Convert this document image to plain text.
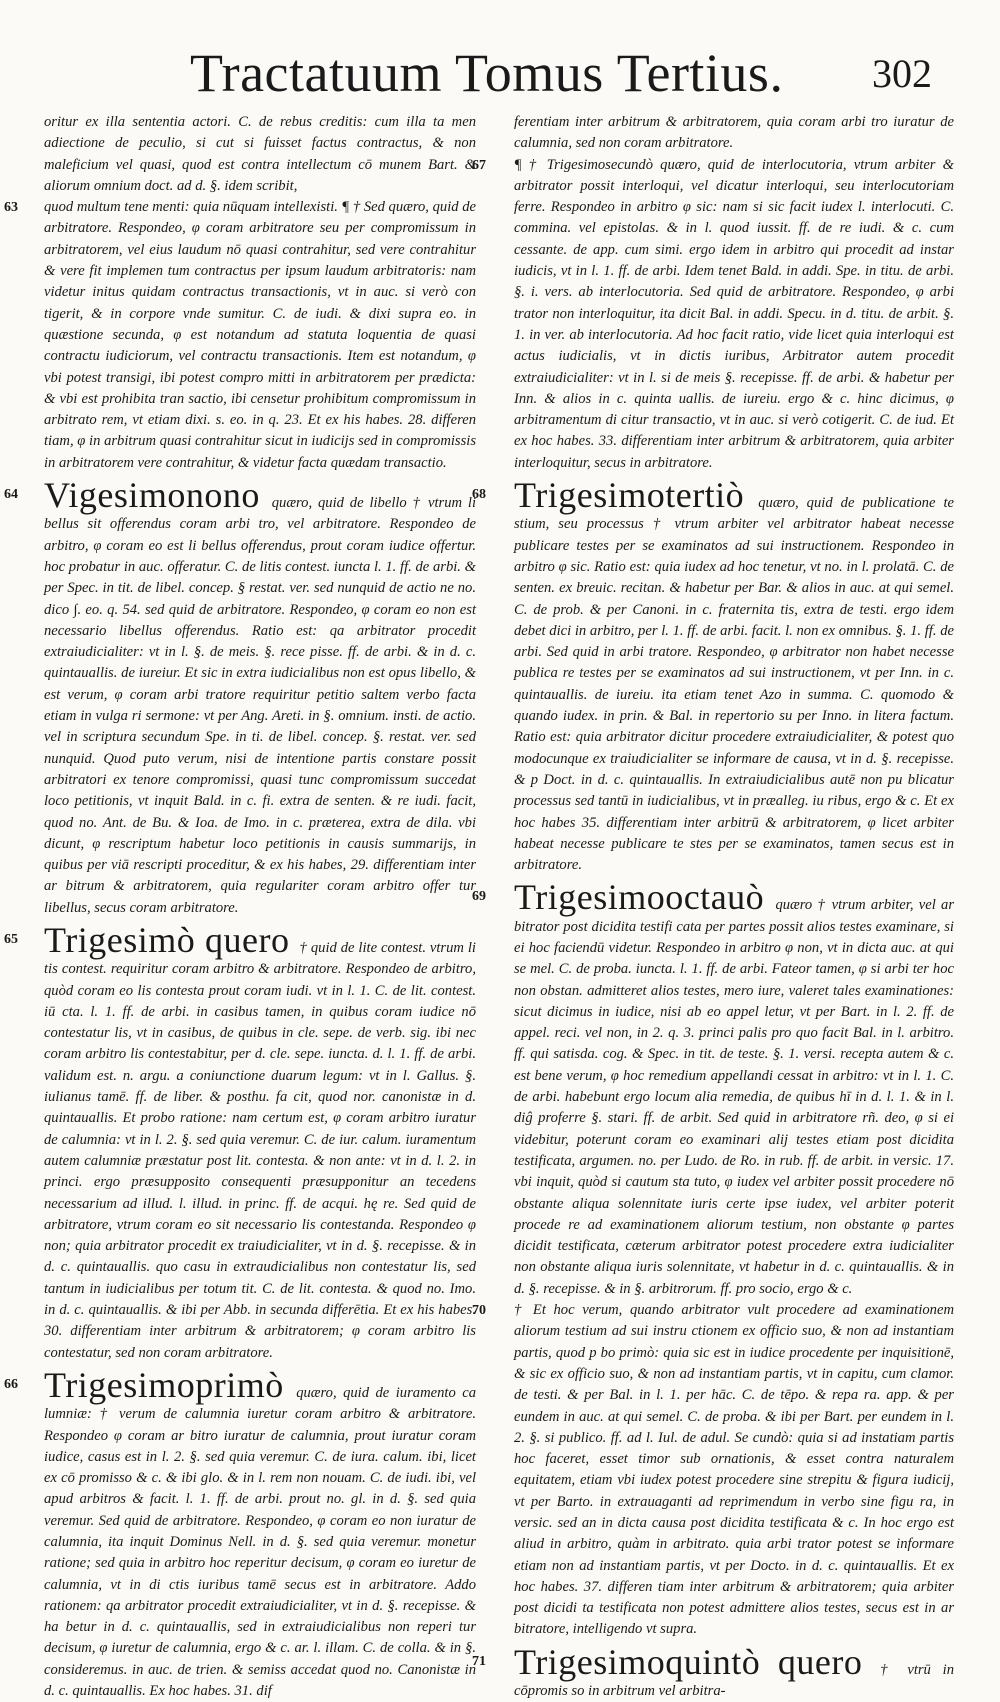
Tractatuum Tomus Tertius. 302

oritur ex illa sententia actori. C. de rebus creditis: cum illa ta men adiectione de peculio, si cut si fuisset factus contractus, & non maleficium vel quasi, quod est contra intellectum cō munem Bart. & aliorum omnium doct. ad d. §. idem scribit,

63 quod multum tene menti: quia nūquam intellexisti. ¶ † Sed quæro, quid de arbitratore. Respondeo, φ coram arbitratore seu per compromissum in arbitratorem, vel eius laudum nō quasi contrahitur, sed vere contrahitur & vere fit implemen tum contractus per ipsum laudum arbitratoris: nam videtur initus quidam contractus transactionis, vt in auc. si verò con tigerit, & in corpore vnde sumitur. C. de iudi. & dixi supra eo. in quæstione secunda, φ est notandum ad statuta loquentia de quasi contractu iudiciorum, vel contractu transactionis. Item est notandum, φ vbi potest transigi, ibi potest compro mitti in arbitratorem per prædicta: & vbi est prohibita tran sactio, ibi censetur prohibitum compromissum in arbitrato rem, vt etiam dixi. s. eo. in q. 23. Et ex his habes. 28. differen tiam, φ in arbitrum quasi contrahitur sicut in iudicijs sed in compromissis in arbitratorem vere contrahitur, & videtur facta quædam transactio.

64 Vigesimonono quæro, quid de libello † vtrum li bellus sit offerendus coram arbi tro, vel arbitratore. Respondeo de arbitro, φ coram eo est li bellus offerendus, prout coram iudice offertur. hoc probatur in auc. offeratur. C. de litis contest. iuncta l. 1. ff. de arbi. & per Spec. in tit. de libel. concep. § restat. ver. sed nunquid de actio ne no. dico ∫. eo. q. 54. sed quid de arbitratore. Respondeo, φ coram eo non est necessario libellus offerendus. Ratio est: qa arbitrator procedit extraiudicialiter: vt in l. §. de meis. §. rece pisse. ff. de arbi. & in d. c. quintauallis. de iureiur. Et sic in extra iudicialibus non est opus libello, & est verum, φ coram arbi tratore requiritur petitio saltem verbo facta etiam in vulga ri sermone: vt per Ang. Areti. in §. omnium. insti. de actio. vel in scriptura secundum Spe. in ti. de libel. concep. §. restat. ver. sed nunquid. Quod puto verum, nisi de intentione partis constare possit arbitratori ex tenore compromissi, quasi tunc compromissum succedat loco petitionis, vt inquit Bald. in c. fi. extra de senten. & re iudi. facit, quod no. Ant. de Bu. & Ioa. de Imo. in c. præterea, extra de dila. vbi dicunt, φ rescriptum habetur loco petitionis in causis summarijs, in quibus per viā rescripti proceditur, & ex his habes, 29. differentiam inter ar bitrum & arbitratorem, quia regulariter coram arbitro offer tur libellus, secus coram arbitratore.

65 Trigesimò quero † quid de lite contest. vtrum li tis contest. requiritur coram arbitro & arbitratore. Respondeo de arbitro, quòd coram eo lis contesta prout coram iudi. vt in l. 1. C. de lit. contest. iū cta. l. 1. ff. de arbi. in casibus tamen, in quibus coram iudice nō contestatur lis, vt in casibus, de quibus in cle. sepe. de verb. sig. ibi nec coram arbitro lis contestabitur, per d. cle. sepe. iuncta. d. l. 1. ff. de arbi. validum est. n. argu. a coniunctione duarum legum: vt in l. Gallus. §. iulianus tamē. ff. de liber. & posthu. fa cit, quod nor. canonistæ in d. quintauallis. Et probo ratione: nam certum est, φ coram arbitro iuratur de calumnia: vt in l. 2. §. sed quia veremur. C. de iur. calum. iuramentum autem calumniæ præstatur post lit. contesta. & non ante: vt in d. l. 2. in princi. ergo præsupposito consequenti præsupponitur an tecedens necessarium ad illud. l. illud. in princ. ff. de acqui. hę re. Sed quid de arbitratore, vtrum coram eo sit necessario lis contestanda. Respondeo φ non; quia arbitrator procedit ex traiudicialiter, vt in d. §. recepisse. & in d. c. quintauallis. quo casu in extraudicialibus non contestatur lis, sed tantum in iudicialibus per totum tit. C. de lit. contesta. & quod no. Imo. in d. c. quintauallis. & ibi per Abb. in secunda differētia. Et ex his habes. 30. differentiam inter arbitrum & arbitratorem; φ coram arbitro lis contestatur, sed non coram arbitratore.

66 Trigesimoprimò quæro, quid de iuramento ca lumniæ: † verum de calumnia iuretur coram arbitro & arbitratore. Respondeo φ coram ar bitro iuratur de calumnia, prout iuratur coram iudice, casus est in l. 2. §. sed quia veremur. C. de iura. calum. ibi, licet ex cō promisso & c. & ibi glo. & in l. rem non nouam. C. de iudi. ibi, vel apud arbitros & facit. l. 1. ff. de arbi. prout no. gl. in d. §. sed quia veremur. Sed quid de arbitratore. Respondeo, φ coram eo non iuratur de calumnia, ita inquit Dominus Nell. in d. §. sed quia veremur. monetur ratione; sed quia in arbitro hoc reperitur decisum, φ coram eo iuretur de calumnia, vt in di ctis iuribus tamē secus est in arbitratore. Addo rationem: qa arbitrator procedit extraiudicialiter, vt in d. §. recepisse. & ha betur in d. c. quintauallis, sed in extraiudicialibus non reperi tur decisum, φ iuretur de calumnia, ergo & c. ar. l. illam. C. de colla. & in §. consideremus. in auc. de trien. & semiss accedat quod no. Canonistæ in d. c. quintauallis. Ex hoc habes. 31. dif

ferentiam inter arbitrum & arbitratorem, quia coram arbi tro iuratur de calumnia, sed non coram arbitratore.

67 ¶ † Trigesimosecundò quæro, quid de interlocutoria, vtrum arbiter & arbitrator possit interloqui, vel dicatur interloqui, seu interlocutoriam ferre. Respondeo in arbitro φ sic: nam si sic facit iudex l. interlocuti. C. commina. vel epistolas. & in l. quod iussit. ff. de re iudi. & c. cum cessante. de app. cum simi. ergo idem in arbitro qui procedit ad instar iudicis, vt in l. 1. ff. de arbi. Idem tenet Bald. in addi. Spe. in titu. de arbi. §. i. vers. ab interlocutoria. Sed quid de arbitratore. Respondeo, φ arbi trator non interloquitur, ita dicit Bal. in addi. Specu. in d. titu. de arbit. §. 1. in ver. ab interlocutoria. Ad hoc facit ratio, vide licet quia interloqui est actus iudicialis, vt in dictis iuribus, Arbitrator autem procedit extraiudicialiter: vt in l. si de meis §. recepisse. ff. de arbi. & habetur per Inn. & alios in c. quinta uallis. de iureiu. ergo & c. hinc dicimus, φ arbitramentum di citur transactio, vt in auc. si verò cotigerit. C. de iud. Et ex hoc habes. 33. differentiam inter arbitrum & arbitratorem, quia arbiter interloquitur, secus in arbitratore.

68 Trigesimotertiò quæro, quid de publicatione te stium, seu processus † vtrum arbiter vel arbitrator habeat necesse publicare testes per se examinatos ad sui instructionem. Respondeo in arbitro φ sic. Ratio est: quia iudex ad hoc tenetur, vt no. in l. prolatā. C. de senten. ex breuic. recitan. & habetur per Bar. & alios in auc. at qui semel. C. de prob. & per Canoni. in c. fraternita tis, extra de testi. ergo idem debet dici in arbitro, per l. 1. ff. de arbi. facit. l. non ex omnibus. §. 1. ff. de arbi. Sed quid in arbi tratore. Respondeo, φ arbitrator non habet necesse publica re testes per se examinatos ad sui instructionem, vt per Inn. in c. quintauallis. de iureiu. ita etiam tenet Azo in summa. C. quomodo & quando iudex. in prin. & Bal. in repertorio su per Inno. in litera factum. Ratio est: quia arbitrator dicitur procedere extraiudicialiter, & potest quo modocunque ex traiudicialiter se informare de causa, vt in d. §. recepisse. & p Doct. in d. c. quintauallis. In extraiudicialibus autē non pu blicatur processus sed tantū in iudicialibus, vt in præalleg. iu ribus, ergo & c. Et ex hoc habes 35. differentiam inter arbitrū & arbitratorem, φ licet arbiter habeat necesse publicare te stes per se examinatos, tamen secus est in arbitratore.

69 Trigesimooctauò quæro † vtrum arbiter, vel ar bitrator post dicidita testifi cata per partes possit alios testes examinare, si ei hoc faciendū videtur. Respondeo in arbitro φ non, vt in dicta auc. at qui se mel. C. de proba. iuncta. l. 1. ff. de arbi. Fateor tamen, φ si arbi ter hoc non obstan. admitteret alios testes, mero iure, valeret tales examinationes: sicut dicimus in iudice, nisi ab eo appel letur, vt per Bart. in l. 2. ff. de appel. reci. vel non, in 2. q. 3. princi palis pro quo facit Bal. in l. arbitro. ff. qui satisda. cog. & Spec. in tit. de teste. §. 1. versi. recepta autem & c. est bene verum, φ hoc remedium appellandi cessat in arbitro: vt in l. 1. C. de arbi. habebunt ergo locum alia remedia, de quibus hī in d. l. 1. & in l. diĝ proferre §. stari. ff. de arbit. Sed quid in arbitratore rñ. deo, φ si ei videbitur, poterunt coram eo examinari alij testes etiam post dicidita testificata, argumen. no. per Ludo. de Ro. in rub. ff. de arbit. in versic. 17. vbi inquit, quòd si cautum sta tuto, φ iudex vel arbiter possit procedere nō obstante aliqua solennitate iuris certe ipse iudex, vel arbiter poterit procede re ad examinationem aliorum testium, non obstante φ partes dicidit testificata, cæterum arbitrator potest procedere extra iudicialiter non obstante aliqua iuris solennitate, vt habetur in d. c. quintauallis. & in d. §. recepisse. & in §. arbitrorum. ff. pro socio, ergo & c.

70 † Et hoc verum, quando arbitrator vult procedere ad examinationem aliorum testium ad sui instru ctionem ex officio suo, & non ad instantiam partis, quod p bo primò: quia sic est in iudice procedente per inquisitionē, & sic ex officio suo, & non ad instantiam partis, vt in capitu, cum clamor. de testi. & per Bal. in l. 1. per hāc. C. de tēpo. & repa ra. app. & per eundem in auc. at qui semel. C. de proba. & ibi per Bart. per eundem in l. 2. §. si publico. ff. ad l. Iul. de adul. Se cundò: quia si ad instatiam partis hoc faceret, esset timor sub ornationis, & esset contra naturalem equitatem, etiam vbi iudex potest procedere sine strepitu & figura iudicij, vt per Barto. in extrauaganti ad reprimendum in verbo sine figu ra, in versic. sed an in dicta causa post dicidita testificata & c. In hoc ergo est aliud in arbitro, quàm in arbitrato. quia arbi trator potest se informare etiam non ad instantiam partis, vt per Docto. in d. c. quintauallis. Et ex hoc habes. 37. differen tiam inter arbitrum & arbitratorem; quia arbiter post dicidi ta testificata non potest admittere alios testes, secus est in ar bitratore, intelligendo vt supra.

71 Trigesimoquintò quero † vtrū in cōpromis so in arbitrum vel arbitra-
